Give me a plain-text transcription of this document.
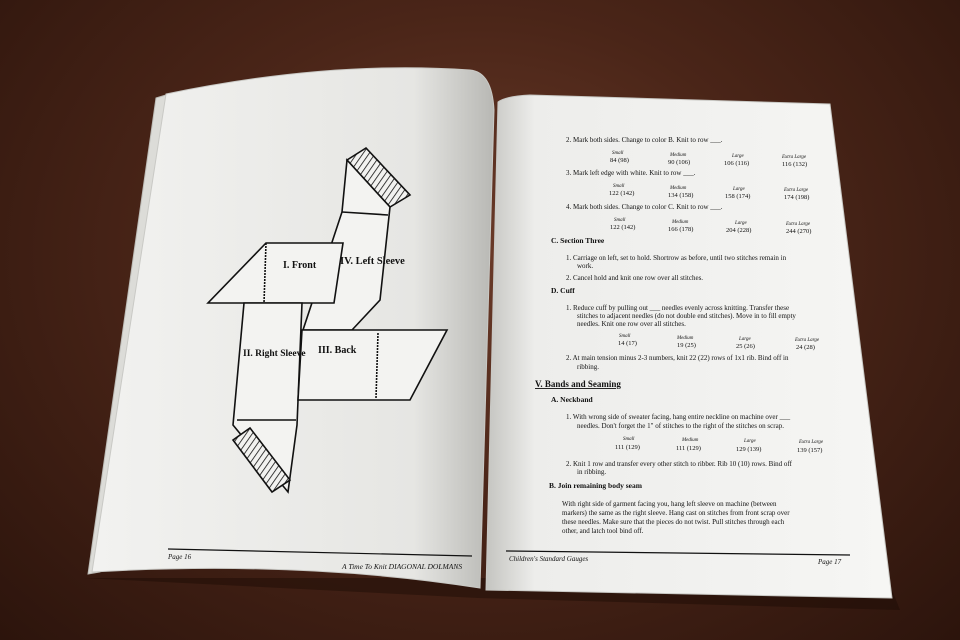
I. Front IV. Left Sleeve
II. Right Sleeve III. Back
Page 16
A Time To Knit DIAGONAL DOLMANS
2. Mark both sides. Change to color B. Knit to row ___.
Small
84 (98)
Medium
90 (106)
Large
106 (116)
Extra Large
116 (132)
3. Mark left edge with white. Knit to row ___.
Small
122 (142)
Medium
134 (158)
Large
158 (174)
Extra Large
174 (198)
4. Mark both sides. Change to color C. Knit to row ___.
Small
122 (142)
Medium
166 (178)
Large
204 (228)
Extra Large
244 (270)
C. Section Three
1. Carriage on left, set to hold. Shortrow as before, until two stitches remain in
work.
2. Cancel hold and knit one row over all stitches.
D. Cuff
1. Reduce cuff by pulling out ___ needles evenly across knitting. Transfer these
stitches to adjacent needles (do not double end stitches). Move in to fill empty
needles. Knit one row over all stitches.
Small
14 (17)
Medium
19 (25)
Large
25 (26)
Extra Large
24 (28)
2. At main tension minus 2-3 numbers, knit 22 (22) rows of 1x1 rib. Bind off in
ribbing.
V. Bands and Seaming
A. Neckband
1. With wrong side of sweater facing, hang entire neckline on machine over ___
needles. Don't forget the 1" of stitches to the right of the stitches on scrap.
Small
111 (129)
Medium
111 (129)
Large
129 (139)
Extra Large
139 (157)
2. Knit 1 row and transfer every other stitch to ribber. Rib 10 (10) rows. Bind off
in ribbing.
B. Join remaining body seam
With right side of garment facing you, hang left sleeve on machine (between
markers) the same as the right sleeve. Hang cast on stitches from front scrap over
these needles. Make sure that the pieces do not twist. Pull stitches through each
other, and latch tool bind off.
Children's Standard Gauges	Page 17
